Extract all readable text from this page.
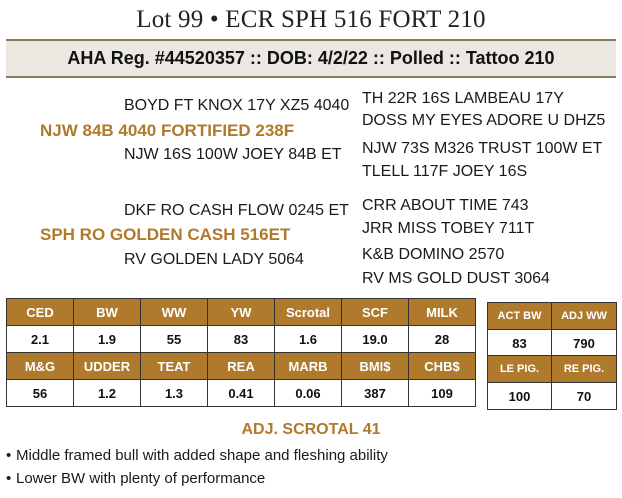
Lot 99 • ECR SPH 516 FORT 210
AHA Reg. #44520357 :: DOB: 4/2/22 :: Polled :: Tattoo 210
BOYD FT KNOX 17Y XZ5 4040
NJW 84B 4040 FORTIFIED 238F
NJW 16S 100W JOEY 84B ET
TH 22R 16S LAMBEAU 17Y
DOSS MY EYES ADORE U DHZ5
NJW 73S M326 TRUST 100W ET
TLELL 117F JOEY 16S
DKF RO CASH FLOW 0245 ET
SPH RO GOLDEN CASH 516ET
RV GOLDEN LADY 5064
CRR ABOUT TIME 743
JRR MISS TOBEY 711T
K&B DOMINO 2570
RV MS GOLD DUST 3064
CED	BW	WW	YW	Scrotal	SCF	MILK
2.1	1.9	55	83	1.6	19.0	28
M&G	UDDER	TEAT	REA	MARB	BMI$	CHB$
56	1.2	1.3	0.41	0.06	387	109
ACT BW	ADJ WW
83	790
LE PIG.	RE PIG.
100	70
ADJ. SCROTAL 41
• Middle framed bull with added shape and fleshing ability
• Lower BW with plenty of performance
